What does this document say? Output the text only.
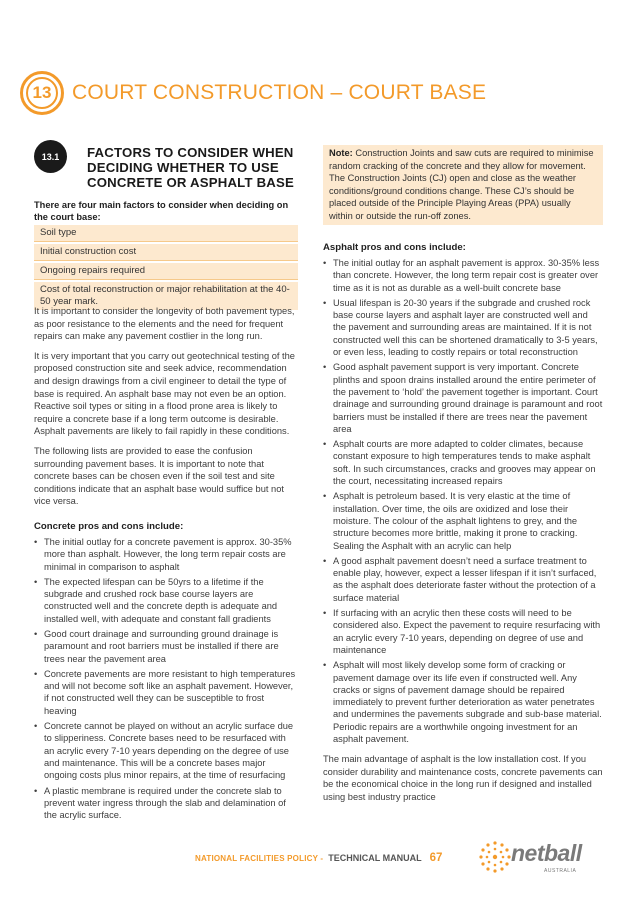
13 COURT CONSTRUCTION – COURT BASE
13.1	FACTORS TO CONSIDER WHEN DECIDING WHETHER TO USE CONCRETE OR ASPHALT BASE
There are four main factors to consider when deciding on the court base:
Soil type
Initial construction cost
Ongoing repairs required
Cost of total reconstruction or major rehabilitation at the 40-50 year mark.

It is important to consider the longevity of both pavement types, as poor resistance to the elements and the need for frequent repairs can make any pavement costlier in the long run.

It is very important that you carry out geotechnical testing of the proposed construction site and seek advice, recommendation and design drawings from a civil engineer to detail the type of base is required. An asphalt base may not even be an option. Reactive soil types or siting in a flood prone area is likely to require a concrete base if a long term outcome is desirable. Asphalt pavements are likely to fail rapidly in these conditions.

The following lists are provided to ease the confusion surrounding pavement bases. It is important to note that concrete bases can be chosen even if the soil test and site conditions indicate that an asphalt base would suffice but not vice versa.

Concrete pros and cons include:
• The initial outlay for a concrete pavement is approx. 30-35% more than asphalt. However, the long term repair costs are minimal in comparison to asphalt
• The expected lifespan can be 50yrs to a lifetime if the subgrade and crushed rock base course layers are constructed well and the concrete depth is adequate and installed well, with adequate and constant fall gradients
• Good court drainage and surrounding ground drainage is paramount and root barriers must be installed if there are trees near the pavement area
• Concrete pavements are more resistant to high temperatures and will not become soft like an asphalt pavement. However, if not constructed well they can be susceptible to frost heaving
• Concrete cannot be played on without an acrylic surface due to slipperiness. Concrete bases need to be resurfaced with an acrylic every 7-10 years depending on the degree of use and maintenance. This will be a concrete bases major ongoing costs plus minor repairs, at the time of resurfacing
• A plastic membrane is required under the concrete slab to prevent water ingress through the slab and delamination of the acrylic surface.
Note: Construction Joints and saw cuts are required to minimise random cracking of the concrete and they allow for movement. The Construction Joints (CJ) open and close as the weather conditions/ground conditions change. These CJ’s should be placed outside of the Principle Playing Areas (PPA) usually within or outside the run-off zones.
Asphalt pros and cons include:
• The initial outlay for an asphalt pavement is approx. 30-35% less than concrete. However, the long term repair cost is greater over time as it is not as durable as a well-built concrete base
• Usual lifespan is 20-30 years if the subgrade and crushed rock base course layers and asphalt layer are constructed well and the pavement and surrounding areas are maintained. If it is not constructed well this can be shortened dramatically to 3-5 years, or even less, leading to costly repairs or total reconstruction
• Good asphalt pavement support is very important. Concrete plinths and spoon drains installed around the entire perimeter of the pavement to ‘hold’ the pavement together is important. Court drainage and surrounding ground drainage is paramount and root barriers must be installed if there are trees near the pavement area
• Asphalt courts are more adapted to colder climates, because constant exposure to high temperatures tends to make asphalt soft. In such circumstances, cracks and grooves may appear on the court, necessitating increased repairs
• Asphalt is petroleum based. It is very elastic at the time of installation. Over time, the oils are oxidized and lose their moisture. The colour of the asphalt lightens to grey, and the structure becomes more brittle, making it prone to cracking. Sealing the Asphalt with an acrylic can help
• A good asphalt pavement doesn’t need a surface treatment to enable play, however, expect a lesser lifespan if it isn’t surfaced, as the asphalt does deteriorate faster without the protection of a surface material
• If surfacing with an acrylic then these costs will need to be considered also. Expect the pavement to require resurfacing with an acrylic every 7-10 years, depending on degree of use and maintenance
• Asphalt will most likely develop some form of cracking or pavement damage over its life even if constructed well. Any cracks or signs of pavement damage should be repaired immediately to prevent further deterioration as water penetrates and undermines the pavements subgrade and sub-base material. Periodic repairs are a worthwhile ongoing investment for an asphalt pavement.

The main advantage of asphalt is the low installation cost. If you consider durability and maintenance costs, concrete pavements can be the economical choice in the long run if designed and installed using best industry practice

NATIONAL FACILITIES POLICY - TECHNICAL MANUAL 67	netball
AUSTRALIA
